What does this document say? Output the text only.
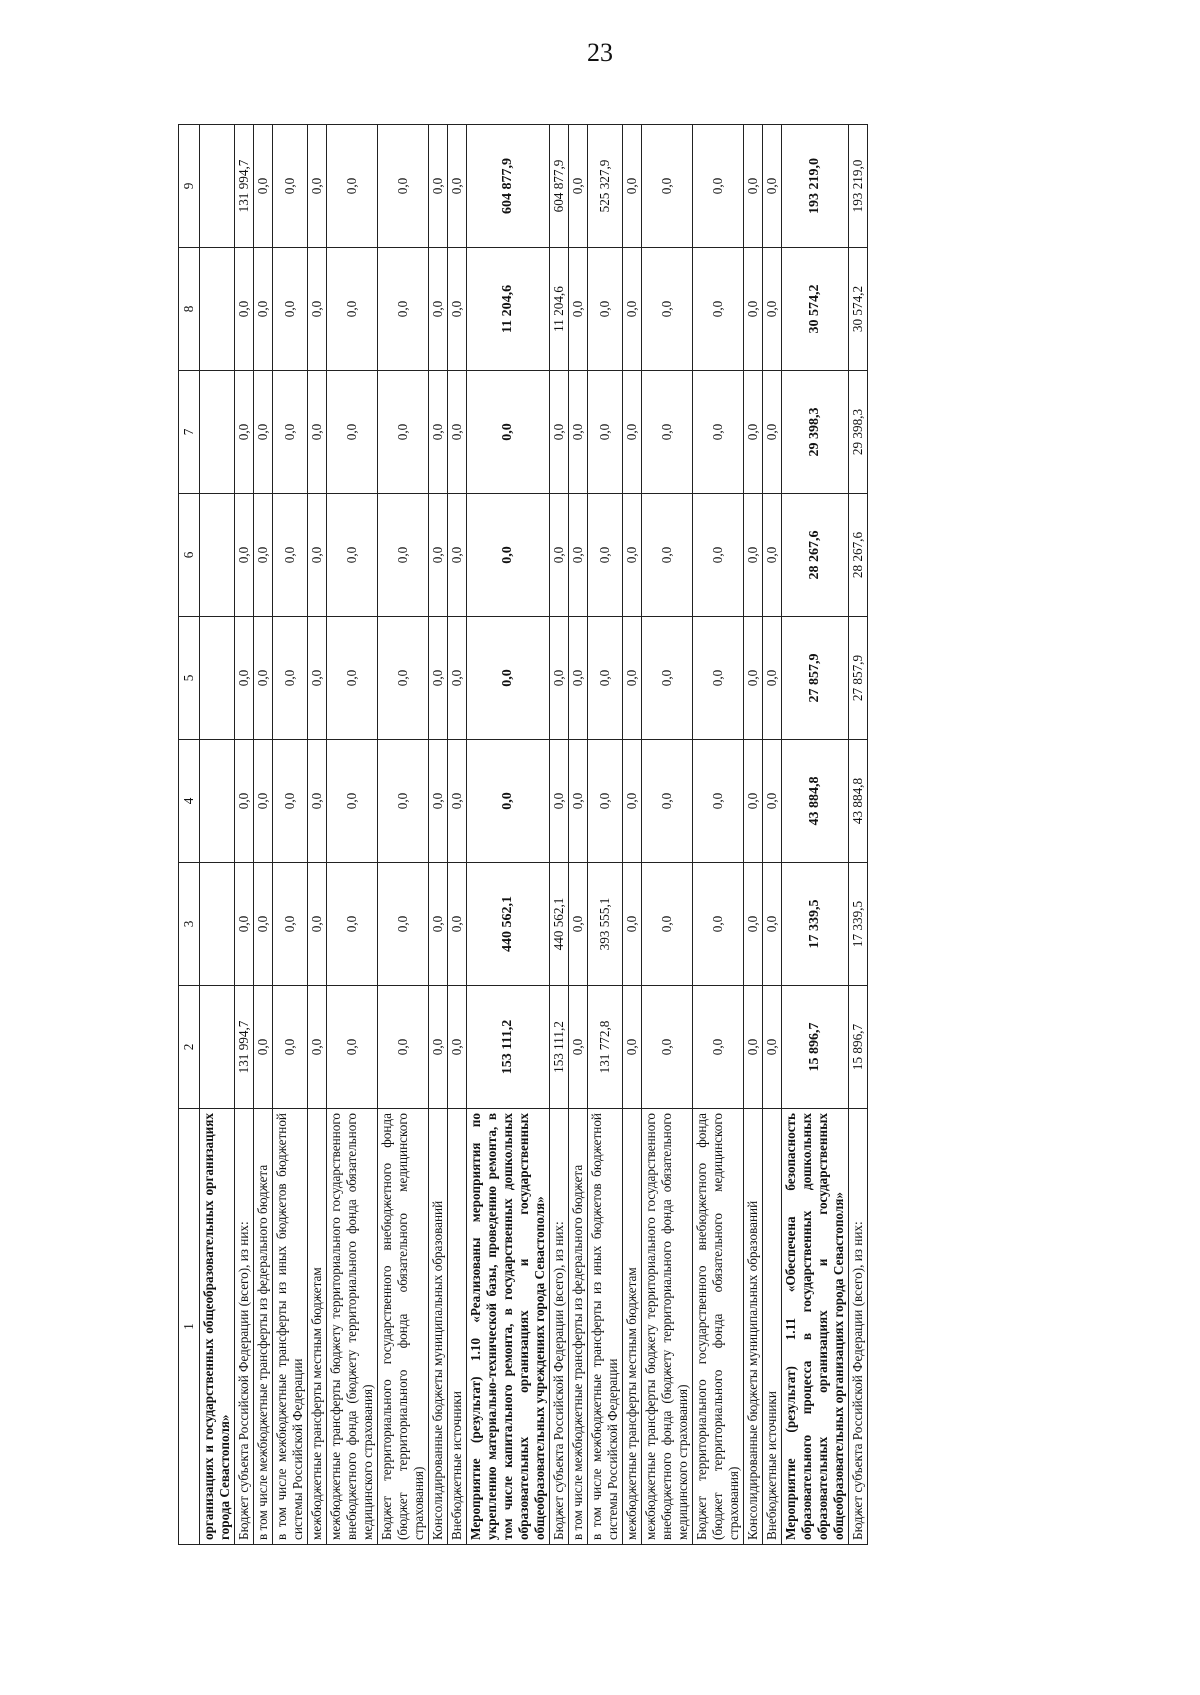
23
1	2	3	4	5	6	7	8	9
организациях и государственных общеобразовательных организациях города Севастополя»								
Бюджет субъекта Российской Федерации (всего), из них:	131 994,7	0,0	0,0	0,0	0,0	0,0	0,0	131 994,7
в том числе межбюджетные трансферты из федерального бюджета	0,0	0,0	0,0	0,0	0,0	0,0	0,0	0,0
в том числе межбюджетные трансферты из иных бюджетов бюджетной системы Российской Федерации	0,0	0,0	0,0	0,0	0,0	0,0	0,0	0,0
межбюджетные трансферты местным бюджетам	0,0	0,0	0,0	0,0	0,0	0,0	0,0	0,0
межбюджетные трансферты бюджету территориального государственного внебюджетного фонда (бюджету территориального фонда обязательного медицинского страхования)	0,0	0,0	0,0	0,0	0,0	0,0	0,0	0,0
Бюджет территориального государственного внебюджетного фонда (бюджет территориального фонда обязательного медицинского страхования)	0,0	0,0	0,0	0,0	0,0	0,0	0,0	0,0
Консолидированные бюджеты муниципальных образований	0,0	0,0	0,0	0,0	0,0	0,0	0,0	0,0
Внебюджетные источники	0,0	0,0	0,0	0,0	0,0	0,0	0,0	0,0
Мероприятие (результат) 1.10 «Реализованы мероприятия по укреплению материально-технической базы, проведению ремонта, в том числе капитального ремонта, в государственных дошкольных образовательных организациях и государственных общеобразовательных учреждениях города Севастополя»	153 111,2	440 562,1	0,0	0,0	0,0	0,0	11 204,6	604 877,9
Бюджет субъекта Российской Федерации (всего), из них:	153 111,2	440 562,1	0,0	0,0	0,0	0,0	11 204,6	604 877,9
в том числе межбюджетные трансферты из федерального бюджета	0,0	0,0	0,0	0,0	0,0	0,0	0,0	0,0
в том числе межбюджетные трансферты из иных бюджетов бюджетной системы Российской Федерации	131 772,8	393 555,1	0,0	0,0	0,0	0,0	0,0	525 327,9
межбюджетные трансферты местным бюджетам	0,0	0,0	0,0	0,0	0,0	0,0	0,0	0,0
межбюджетные трансферты бюджету территориального государственного внебюджетного фонда (бюджету территориального фонда обязательного медицинского страхования)	0,0	0,0	0,0	0,0	0,0	0,0	0,0	0,0
Бюджет территориального государственного внебюджетного фонда (бюджет территориального фонда обязательного медицинского страхования)	0,0	0,0	0,0	0,0	0,0	0,0	0,0	0,0
Консолидированные бюджеты муниципальных образований	0,0	0,0	0,0	0,0	0,0	0,0	0,0	0,0
Внебюджетные источники	0,0	0,0	0,0	0,0	0,0	0,0	0,0	0,0
Мероприятие (результат) 1.11 «Обеспечена безопасность образовательного процесса в государственных дошкольных образовательных организациях и государственных общеобразовательных организациях города Севастополя»	15 896,7	17 339,5	43 884,8	27 857,9	28 267,6	29 398,3	30 574,2	193 219,0
Бюджет субъекта Российской Федерации (всего), из них:	15 896,7	17 339,5	43 884,8	27 857,9	28 267,6	29 398,3	30 574,2	193 219,0
